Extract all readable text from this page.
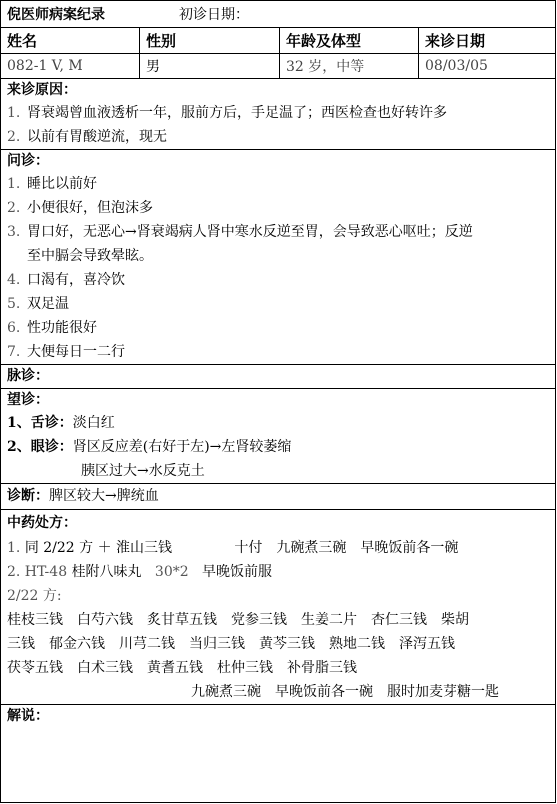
倪医师病案纪录	初诊日期：
姓名	性别	年龄及体型	来诊日期
082-1 V, M	男	32 岁，中等	08/03/05
来诊原因：
1. 肾衰竭曾血液透析一年，服前方后，手足温了；西医检查也好转许多
2. 以前有胃酸逆流，现无
问诊：
1. 睡比以前好
2. 小便很好，但泡沫多
3. 胃口好，无恶心→肾衰竭病人肾中寒水反逆至胃，会导致恶心呕吐；反逆
至中膈会导致晕眩。
4. 口渴有，喜冷饮
5. 双足温
6. 性功能很好
7. 大便每日一二行
脉诊：
望诊：
1、舌诊：淡白红
2、眼诊：肾区反应差(右好于左)→左肾较萎缩
胰区过大→水反克土
诊断：脾区较大→脾统血
中药处方：
1. 同 2/22 方 ＋ 淮山三钱	十付　九碗煮三碗　早晚饭前各一碗
2. HT-48 桂附八味丸 30*2 早晚饭前服
2/22 方:
桂枝三钱　白芍六钱　炙甘草五钱　党参三钱　生姜二片　杏仁三钱　柴胡
三钱　郁金六钱　川芎二钱　当归三钱　黄芩三钱　熟地二钱　泽泻五钱
茯苓五钱　白术三钱　黄耆五钱　杜仲三钱　补骨脂三钱
九碗煮三碗　早晚饭前各一碗　服时加麦芽糖一匙
解说：
